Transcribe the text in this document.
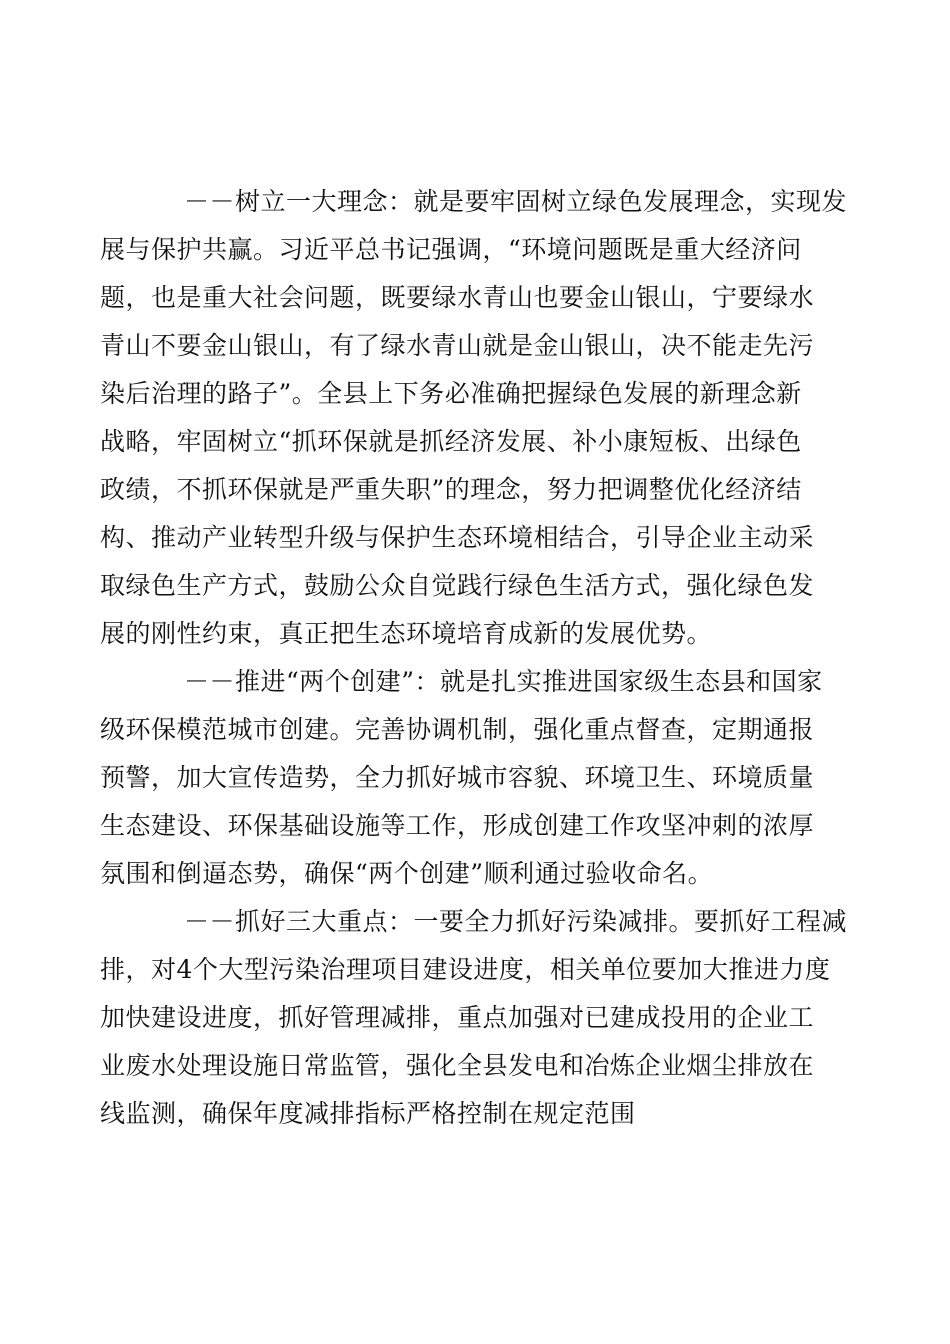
－－树立一大理念：就是要牢固树立绿色发展理念，实现发
展与保护共赢。习近平总书记强调，“环境问题既是重大经济问
题，也是重大社会问题，既要绿水青山也要金山银山，宁要绿水
青山不要金山银山，有了绿水青山就是金山银山，决不能走先污
染后治理的路子”。全县上下务必准确把握绿色发展的新理念新
战略，牢固树立“抓环保就是抓经济发展、补小康短板、出绿色
政绩，不抓环保就是严重失职”的理念，努力把调整优化经济结
构、推动产业转型升级与保护生态环境相结合，引导企业主动采
取绿色生产方式，鼓励公众自觉践行绿色生活方式，强化绿色发
展的刚性约束，真正把生态环境培育成新的发展优势。
－－推进“两个创建”：就是扎实推进国家级生态县和国家
级环保模范城市创建。完善协调机制，强化重点督查，定期通报
预警，加大宣传造势，全力抓好城市容貌、环境卫生、环境质量
生态建设、环保基础设施等工作，形成创建工作攻坚冲刺的浓厚
氛围和倒逼态势，确保“两个创建”顺利通过验收命名。
－－抓好三大重点：一要全力抓好污染减排。要抓好工程减
排，对4个大型污染治理项目建设进度，相关单位要加大推进力度
加快建设进度，抓好管理减排，重点加强对已建成投用的企业工
业废水处理设施日常监管，强化全县发电和冶炼企业烟尘排放在
线监测，确保年度减排指标严格控制在规定范围
